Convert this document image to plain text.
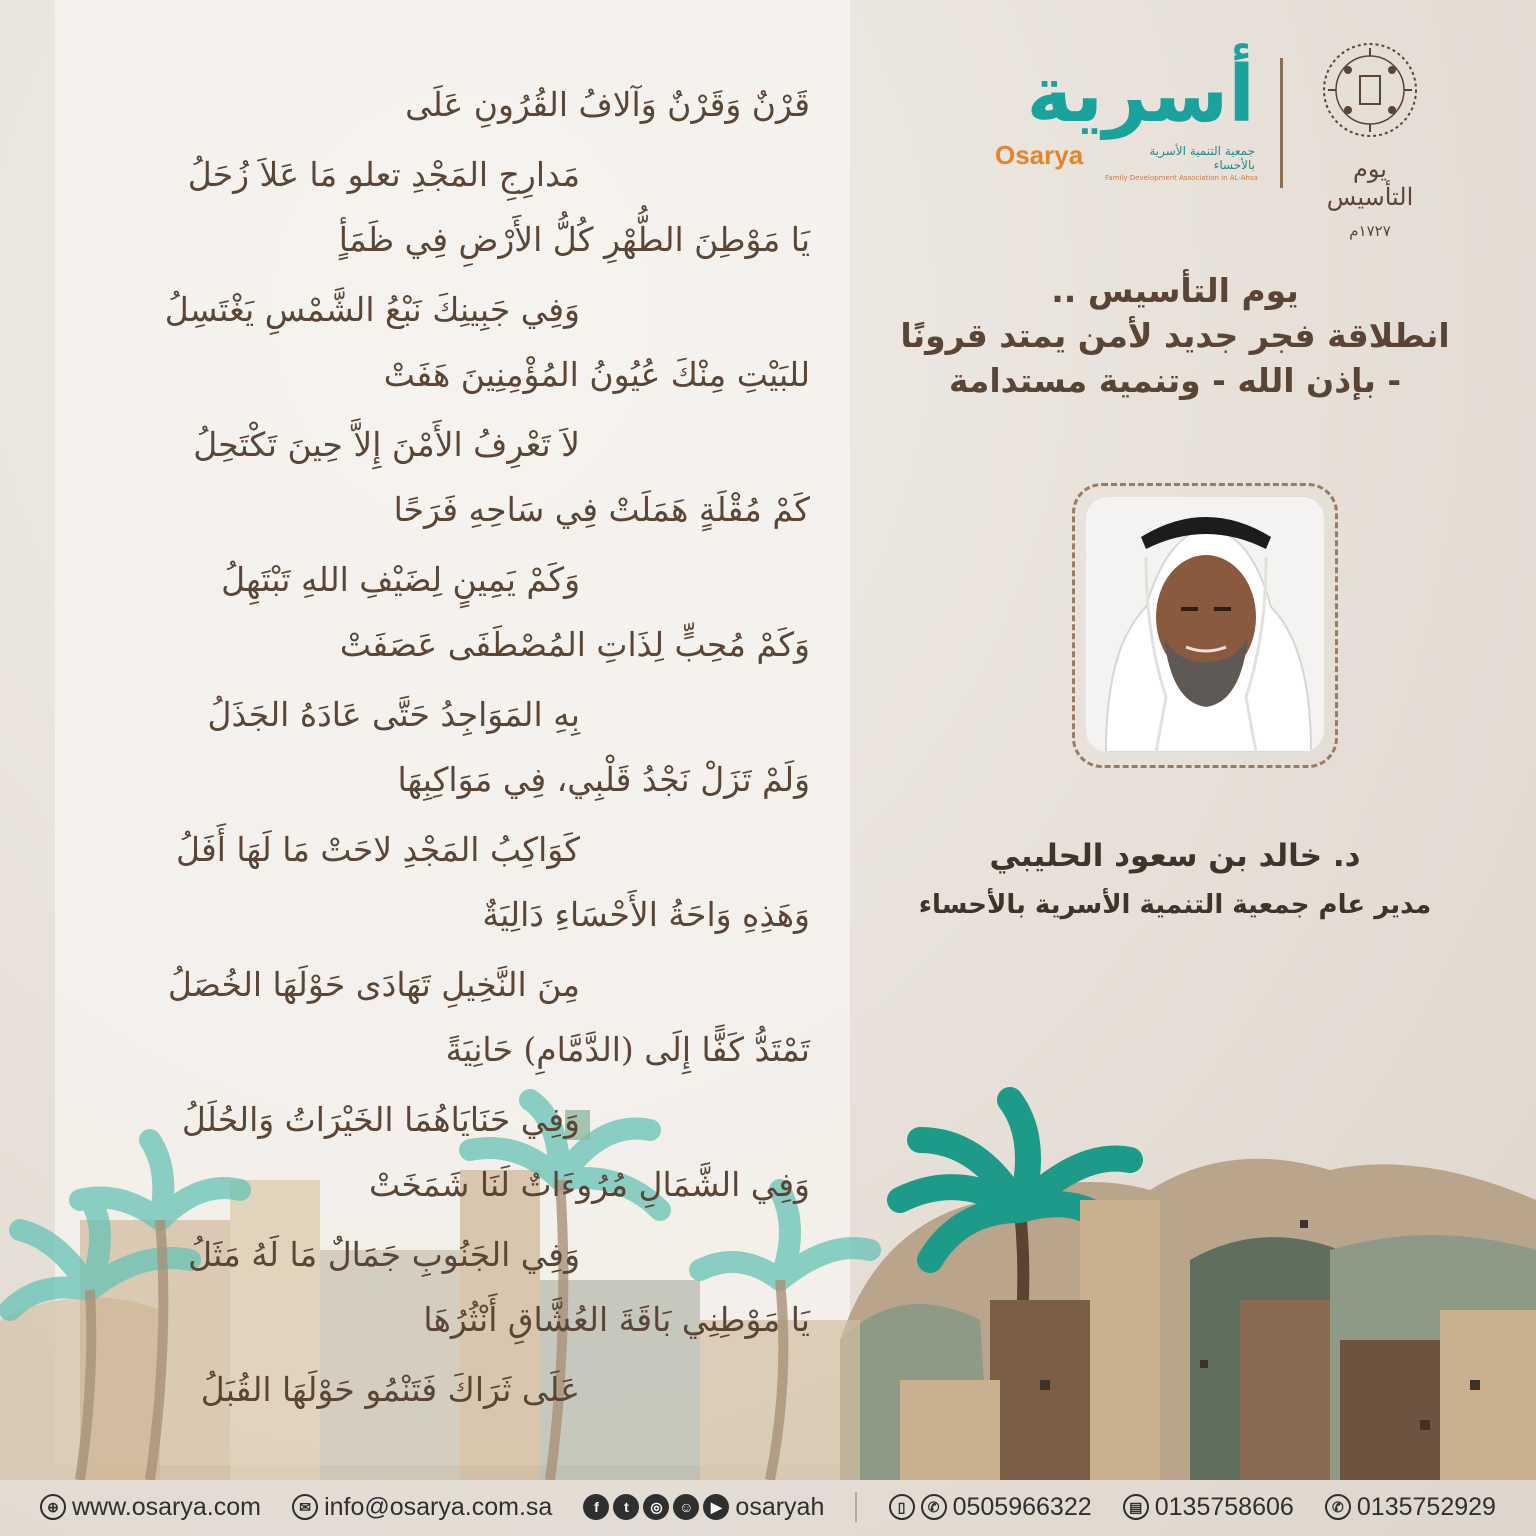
قَرْنٌ وَقَرْنٌ وَآلافُ القُرُونِ عَلَى
مَدارِجِ المَجْدِ تعلو مَا عَلاَ زُحَلُ
يَا مَوْطِنَ الطُّهْرِ كُلُّ الأَرْضِ فِي ظَمَأٍ
وَفِي جَبِينِكَ نَبْعُ الشَّمْسِ يَغْتَسِلُ
للبَيْتِ مِنْكَ عُيُونُ المُؤْمِنِينَ هَفَتْ
لاَ تَعْرِفُ الأَمْنَ إِلاَّ حِينَ تَكْتَحِلُ
كَمْ مُقْلَةٍ هَمَلَتْ فِي سَاحِهِ فَرَحًا
وَكَمْ يَمِينٍ لِضَيْفِ اللهِ تَبْتَهِلُ
وَكَمْ مُحِبٍّ لِذَاتِ المُصْطَفَى عَصَفَتْ
بِهِ المَوَاجِدُ حَتَّى عَادَهُ الجَذَلُ
وَلَمْ تَزَلْ نَجْدُ قَلْبِي، فِي مَوَاكِبِهَا
كَوَاكِبُ المَجْدِ لاحَتْ مَا لَهَا أَفَلُ
وَهَذِهِ وَاحَةُ الأَحْسَاءِ دَالِيَةٌ
مِنَ النَّخِيلِ تَهَادَى حَوْلَهَا الخُصَلُ
تَمْتَدُّ كَفًّا إِلَى (الدَّمَّامِ) حَانِيَةً
وَفِي حَنَايَاهُمَا الخَيْرَاتُ وَالحُلَلُ
وَفِي الشَّمَالِ مُرُوءَاتٌ لَنَا شَمَخَتْ
وَفِي الجَنُوبِ جَمَالٌ مَا لَهُ مَثَلُ
يَا مَوْطِنِي بَاقَةَ العُشَّاقِ أَنْثُرُهَا
عَلَى ثَرَاكَ فَتَنْمُو حَوْلَهَا القُبَلُ
أسرية
Osarya	جمعية التنمية الأسرية بالأحساء
Family Development Association in AL-Ahsa	يوم التأسيس
١٧٢٧م
يوم التأسيس ..
انطلاقة فجر جديد لأمن يمتد قرونًا
- بإذن الله - وتنمية مستدامة
د. خالد بن سعود الحليبي
مدير عام جمعية التنمية الأسرية بالأحساء
⊕ www.osarya.com	✉ info@osarya.com.sa	f	t	◎	☺	▶ osaryah	▯	✆ 0505966322	▤ 0135758606	✆ 0135752929
